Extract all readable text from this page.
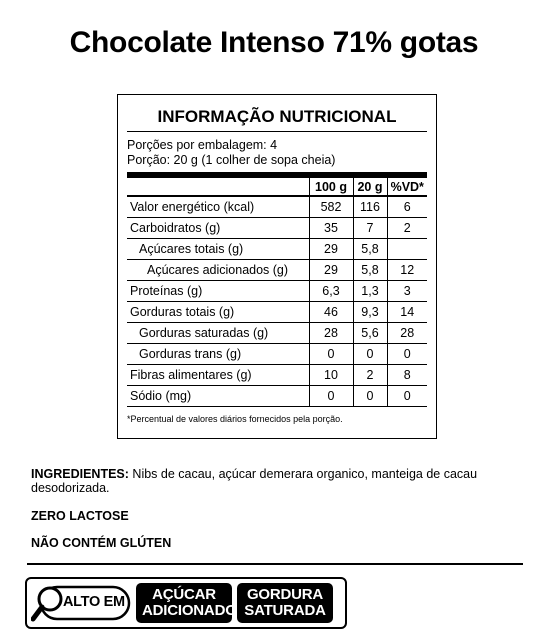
Chocolate Intenso 71% gotas
INFORMAÇÃO NUTRICIONAL
Porções por embalagem: 4
Porção: 20 g (1 colher de sopa cheia)
	100 g	20 g	%VD*
Valor energético (kcal)	582	116	6
Carboidratos (g)	35	7	2
Açúcares totais (g)	29	5,8	
Açúcares adicionados (g)	29	5,8	12
Proteínas (g)	6,3	1,3	3
Gorduras totais (g)	46	9,3	14
Gorduras saturadas (g)	28	5,6	28
Gorduras trans (g)	0	0	0
Fibras alimentares (g)	10	2	8
Sódio (mg)	0	0	0
*Percentual de valores diários fornecidos pela porção.
INGREDIENTES: Nibs de cacau, açúcar demerara organico, manteiga de cacau desodorizada.
ZERO LACTOSE
NÃO CONTÉM GLÚTEN
ALTO EM	AÇÚCAR
ADICIONADO
GORDURA
SATURADA
